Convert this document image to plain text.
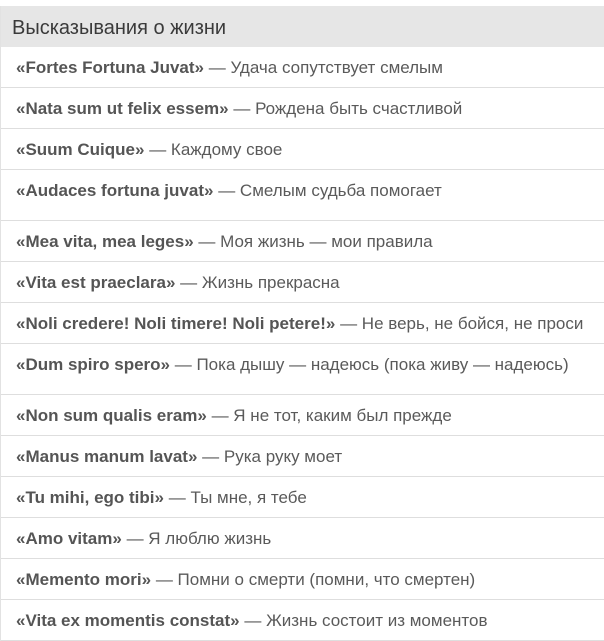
Высказывания о жизни
«Fortes Fortuna Juvat» — Удача сопутствует смелым
«Nata sum ut felix essem» — Рождена быть счастливой
«Suum Cuique» — Каждому свое
«Audaces fortuna juvat» — Смелым судьба помогает
«Mea vita, mea leges» — Моя жизнь — мои правила
«Vita est praeclara» — Жизнь прекрасна
«Noli credere! Noli timere! Noli petere!» — Не верь, не бойся, не проси
«Dum spiro spero» — Пока дышу — надеюсь (пока живу — надеюсь)
«Non sum qualis eram» — Я не тот, каким был прежде
«Manus manum lavat» — Рука руку моет
«Tu mihi, ego tibi» — Ты мне, я тебе
«Amo vitam» — Я люблю жизнь
«Memento mori» — Помни о смерти (помни, что смертен)
«Vita ex momentis constat» — Жизнь состоит из моментов
